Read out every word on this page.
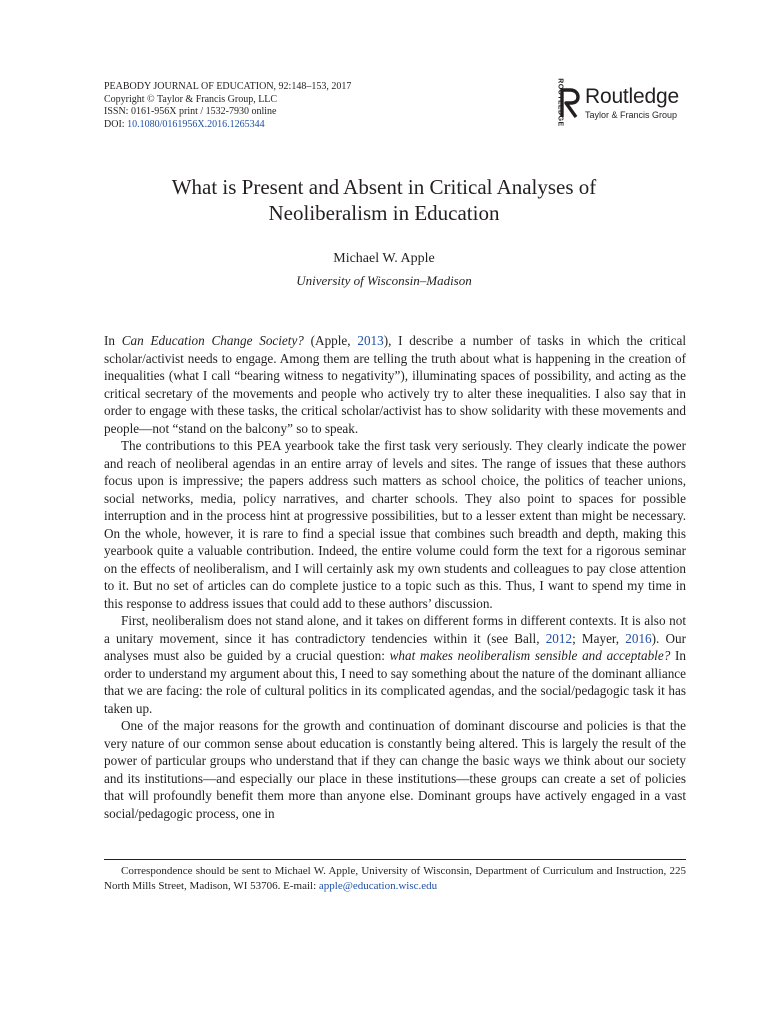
PEABODY JOURNAL OF EDUCATION, 92:148–153, 2017
Copyright © Taylor & Francis Group, LLC
ISSN: 0161-956X print / 1532-7930 online
DOI: 10.1080/0161956X.2016.1265344	ROUTLEDGE Routledge
Taylor & Francis Group
What is Present and Absent in Critical Analyses of
Neoliberalism in Education
Michael W. Apple
University of Wisconsin–Madison

In Can Education Change Society? (Apple, 2013), I describe a number of tasks in which the critical scholar/activist needs to engage. Among them are telling the truth about what is happening in the creation of inequalities (what I call “bearing witness to negativity”), illuminating spaces of possibility, and acting as the critical secretary of the movements and people who actively try to alter these inequalities. I also say that in order to engage with these tasks, the critical scholar/activist has to show solidarity with these movements and people—not “stand on the balcony” so to speak.

The contributions to this PEA yearbook take the first task very seriously. They clearly indicate the power and reach of neoliberal agendas in an entire array of levels and sites. The range of issues that these authors focus upon is impressive; the papers address such matters as school choice, the politics of teacher unions, social networks, media, policy narratives, and charter schools. They also point to spaces for possible interruption and in the process hint at progressive possibilities, but to a lesser extent than might be necessary. On the whole, however, it is rare to find a special issue that combines such breadth and depth, making this yearbook quite a valuable contribution. Indeed, the entire volume could form the text for a rigorous seminar on the effects of neoliberalism, and I will certainly ask my own students and colleagues to pay close attention to it. But no set of articles can do complete justice to a topic such as this. Thus, I want to spend my time in this response to address issues that could add to these authors’ discussion.

First, neoliberalism does not stand alone, and it takes on different forms in different contexts. It is also not a unitary movement, since it has contradictory tendencies within it (see Ball, 2012; Mayer, 2016). Our analyses must also be guided by a crucial question: what makes neoliberalism sensible and acceptable? In order to understand my argument about this, I need to say something about the nature of the dominant alliance that we are facing: the role of cultural politics in its complicated agendas, and the social/pedagogic task it has taken up.

One of the major reasons for the growth and continuation of dominant discourse and policies is that the very nature of our common sense about education is constantly being altered. This is largely the result of the power of particular groups who understand that if they can change the basic ways we think about our society and its institutions—and especially our place in these institutions—these groups can create a set of policies that will profoundly benefit them more than anyone else. Dominant groups have actively engaged in a vast social/pedagogic process, one in

Correspondence should be sent to Michael W. Apple, University of Wisconsin, Department of Curriculum and Instruction, 225 North Mills Street, Madison, WI 53706. E-mail: apple@education.wisc.edu
